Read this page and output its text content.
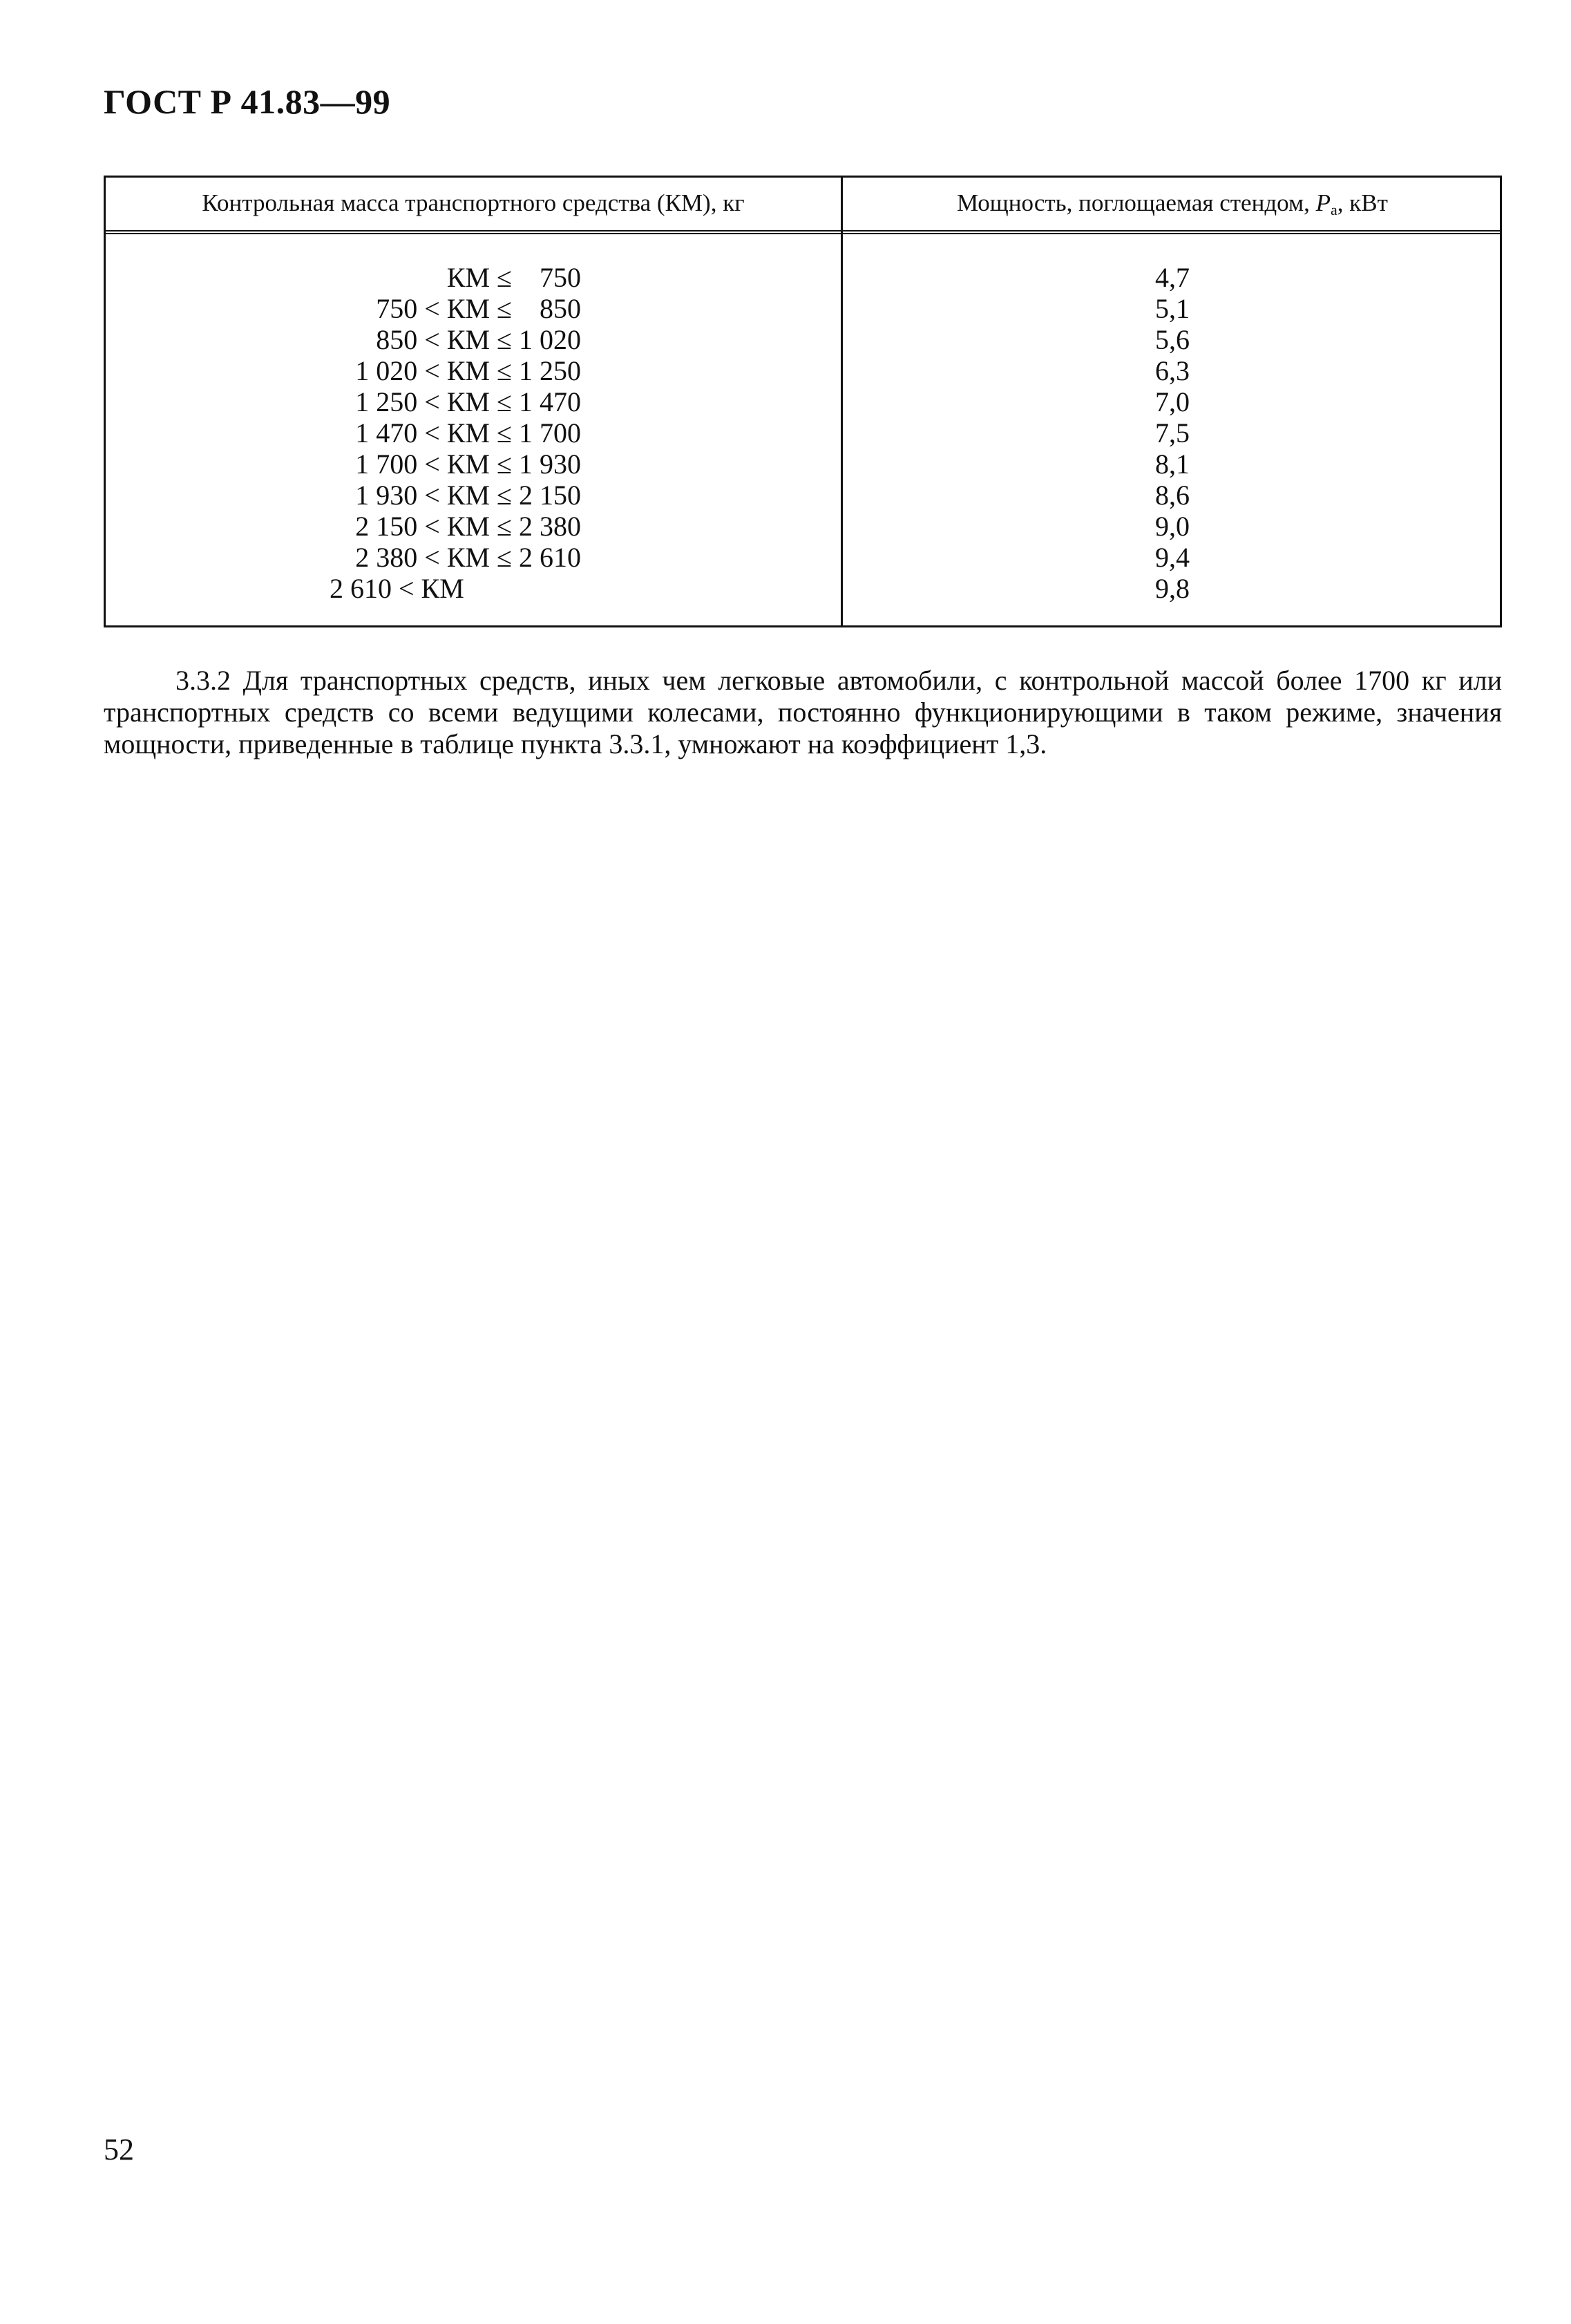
ГОСТ Р 41.83—99
Контрольная масса транспортного средства (КМ), кг	Мощность, поглощаемая стендом, Pa, кВт
КМ ≤    750	4,7
750 < КМ ≤    850	5,1
850 < КМ ≤ 1 020	5,6
1 020 < КМ ≤ 1 250	6,3
1 250 < КМ ≤ 1 470	7,0
1 470 < КМ ≤ 1 700	7,5
1 700 < КМ ≤ 1 930	8,1
1 930 < КМ ≤ 2 150	8,6
2 150 < КМ ≤ 2 380	9,0
2 380 < КМ ≤ 2 610	9,4
2 610 < КМ	9,8
3.3.2 Для транспортных средств, иных чем легковые автомобили, с контрольной массой более 1700 кг или транспортных средств со всеми ведущими колесами, постоянно функционирующими в таком режиме, значения мощности, приведенные в таблице пункта 3.3.1, умножают на коэффициент 1,3.
52
